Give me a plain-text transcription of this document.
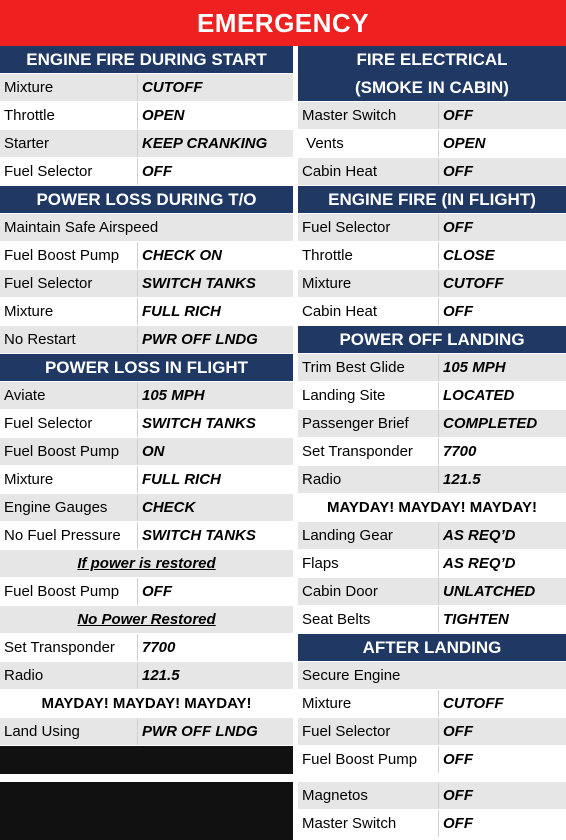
EMERGENCY
ENGINE FIRE DURING START
Mixture	CUTOFF
Throttle	OPEN
Starter	KEEP CRANKING
Fuel Selector	OFF
POWER LOSS DURING T/O
Maintain Safe Airspeed
Fuel Boost Pump	CHECK ON
Fuel Selector	SWITCH TANKS
Mixture	FULL RICH
No Restart	PWR OFF LNDG
POWER LOSS IN FLIGHT
Aviate	105 MPH
Fuel Selector	SWITCH TANKS
Fuel Boost Pump	ON
Mixture	FULL RICH
Engine Gauges	CHECK
No Fuel Pressure	SWITCH TANKS
If power is restored
Fuel Boost Pump	OFF
No Power Restored
Set Transponder	7700
Radio	121.5
MAYDAY! MAYDAY! MAYDAY!
Land Using	PWR OFF LNDG
FIRE ELECTRICAL
(SMOKE IN CABIN)
Master Switch	OFF
Vents	OPEN
Cabin Heat	OFF
ENGINE FIRE (IN FLIGHT)
Fuel Selector	OFF
Throttle	CLOSE
Mixture	CUTOFF
Cabin Heat	OFF
POWER OFF LANDING
Trim Best Glide	105 MPH
Landing Site	LOCATED
Passenger Brief	COMPLETED
Set Transponder	7700
Radio	121.5
MAYDAY! MAYDAY! MAYDAY!
Landing Gear	AS REQ’D
Flaps	AS REQ’D
Cabin Door	UNLATCHED
Seat Belts	TIGHTEN
AFTER LANDING
Secure Engine
Mixture	CUTOFF
Fuel Selector	OFF
Fuel Boost Pump	OFF
Magnetos	OFF
Master Switch	OFF
